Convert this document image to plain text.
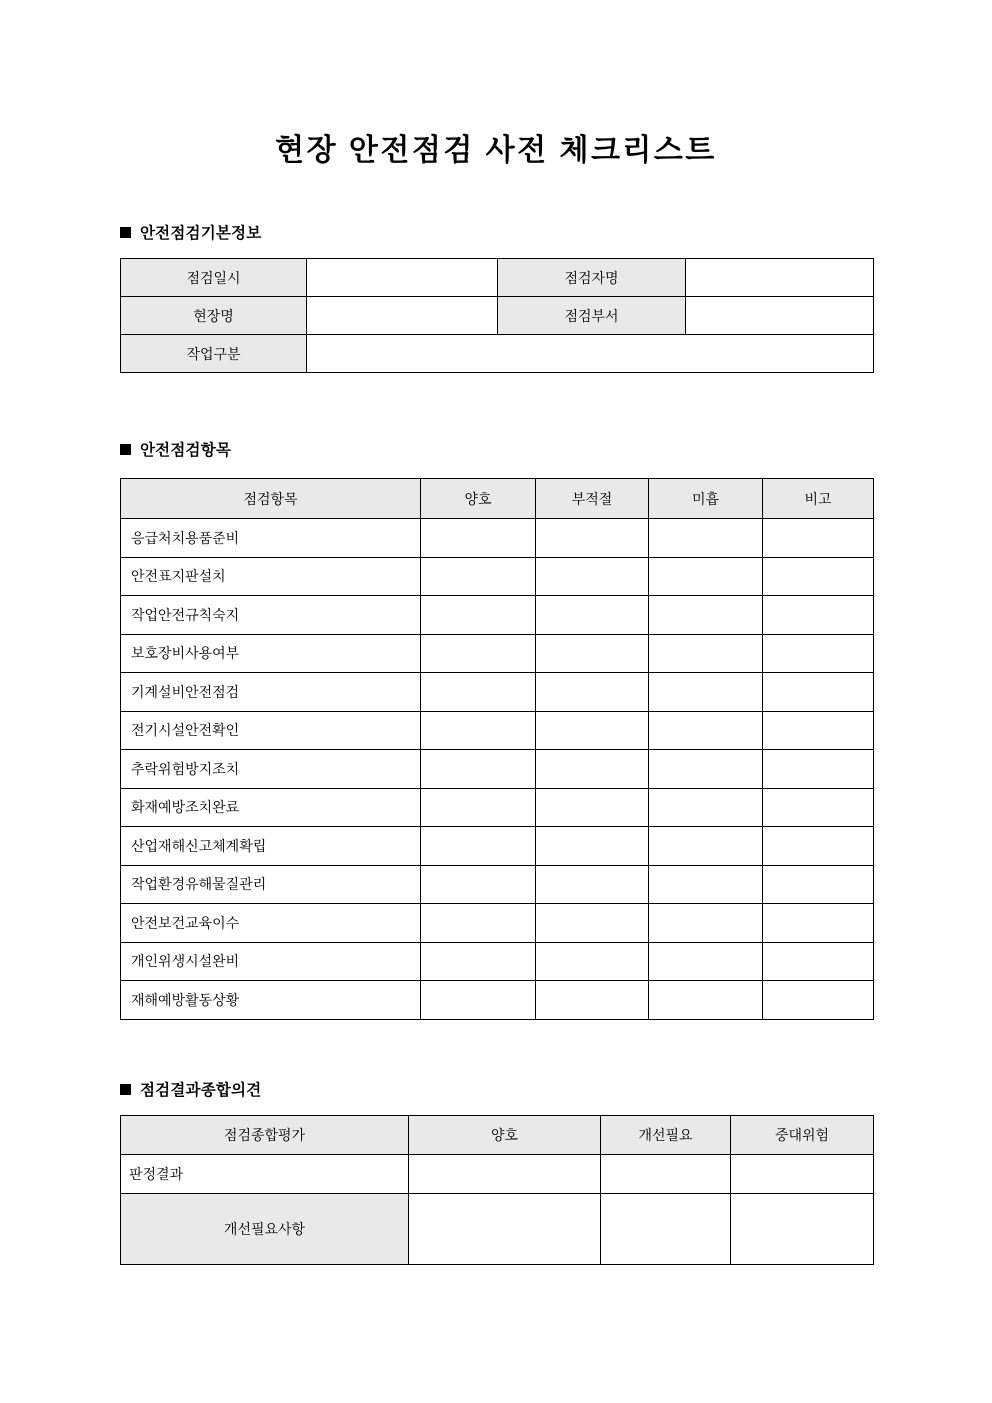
현장 안전점검 사전 체크리스트
안전점검기본정보
점검일시		점검자명	
현장명		점검부서	
작업구분			
안전점검항목
점검항목	양호	부적절	미흡	비고
응급처치용품준비				
안전표지판설치				
작업안전규칙숙지				
보호장비사용여부				
기계설비안전점검				
전기시설안전확인				
추락위험방지조치				
화재예방조치완료				
산업재해신고체계확립				
작업환경유해물질관리				
안전보건교육이수				
개인위생시설완비				
재해예방활동상황				
점검결과종합의견
점검종합평가	양호	개선필요	중대위험
판정결과			
개선필요사항			
